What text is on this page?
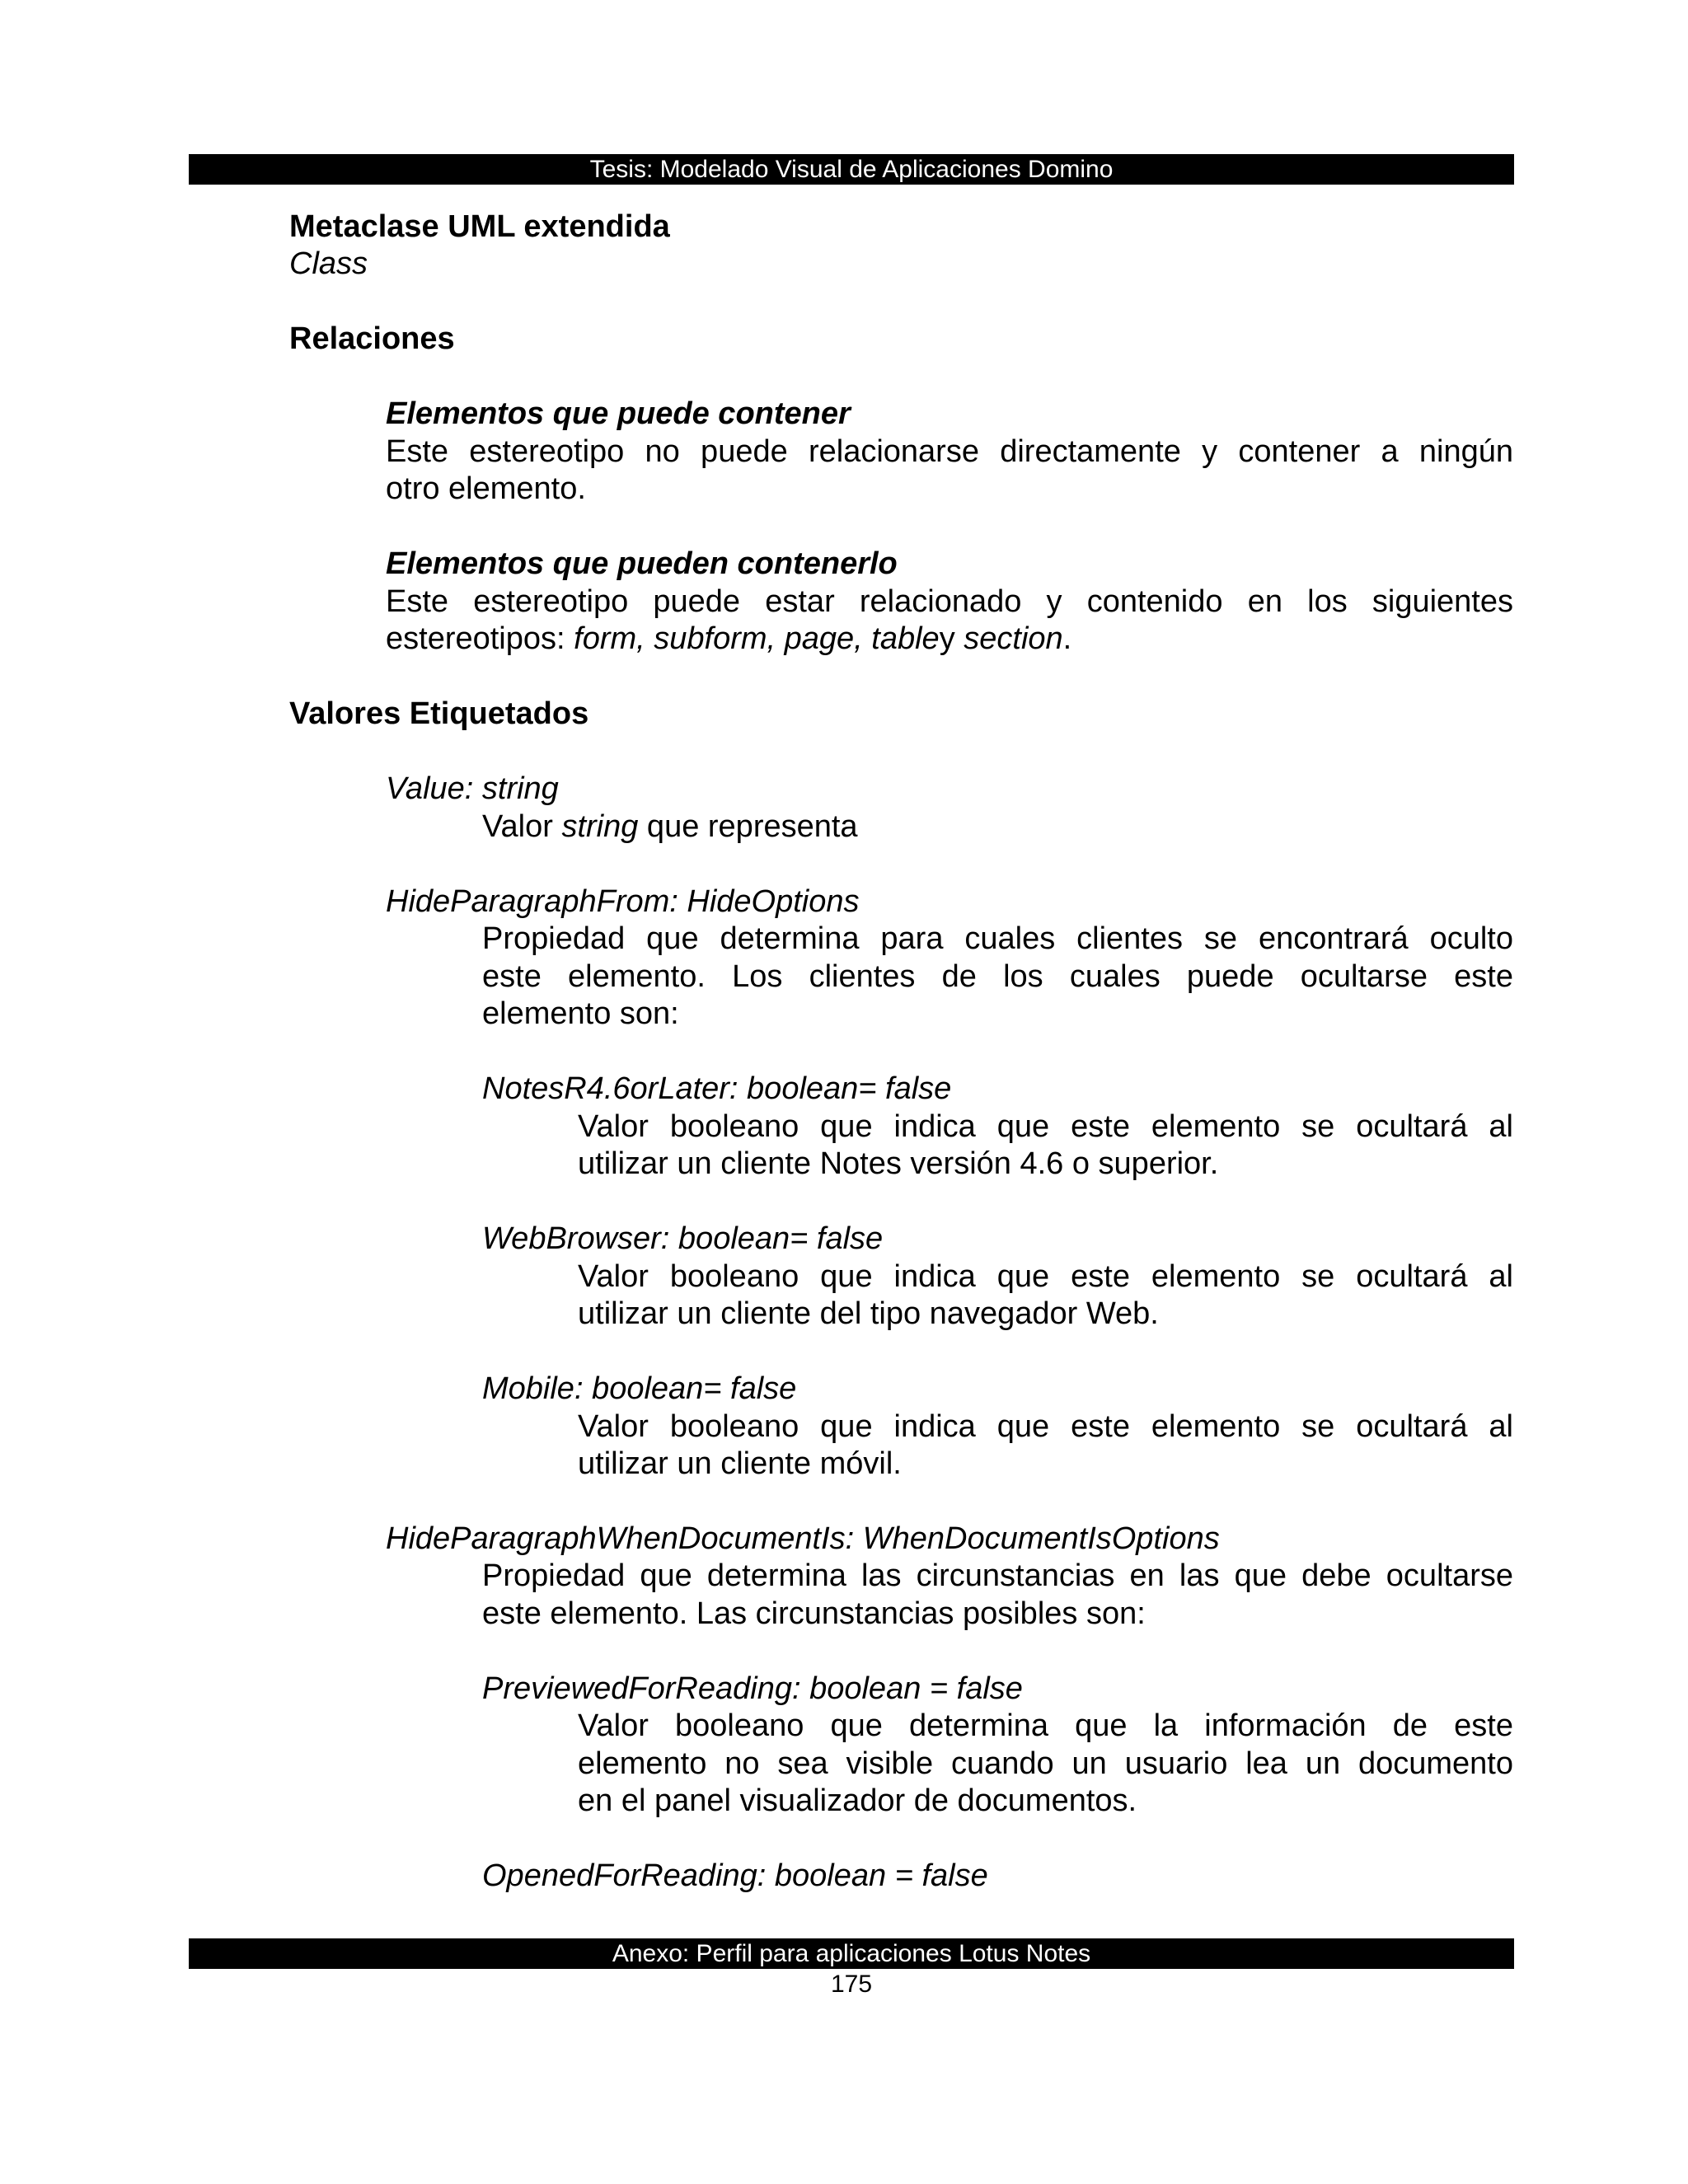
Tesis: Modelado Visual de Aplicaciones Domino
Metaclase UML extendida
Class
Relaciones
Elementos que puede contener
Este estereotipo no puede relacionarse directamente y contener a ningún
otro elemento.
Elementos que pueden contenerlo
Este estereotipo puede estar relacionado y contenido en los siguientes
estereotipos: form, subform, page, tabley section.
Valores Etiquetados
Value: string
Valor string que representa
HideParagraphFrom: HideOptions
Propiedad que determina para cuales clientes se encontrará oculto
este elemento. Los clientes de los cuales puede ocultarse este
elemento son:
NotesR4.6orLater: boolean= false
Valor booleano que indica que este elemento se ocultará al
utilizar un cliente Notes versión 4.6 o superior.
WebBrowser: boolean= false
Valor booleano que indica que este elemento se ocultará al
utilizar un cliente del tipo navegador Web.
Mobile: boolean= false
Valor booleano que indica que este elemento se ocultará al
utilizar un cliente móvil.
HideParagraphWhenDocumentIs: WhenDocumentIsOptions
Propiedad que determina las circunstancias en las que debe ocultarse
este elemento. Las circunstancias posibles son:
PreviewedForReading: boolean = false
Valor booleano que determina que la información de este
elemento no sea visible cuando un usuario lea un documento
en el panel visualizador de documentos.
OpenedForReading: boolean = false
Anexo: Perfil para aplicaciones Lotus Notes
175
